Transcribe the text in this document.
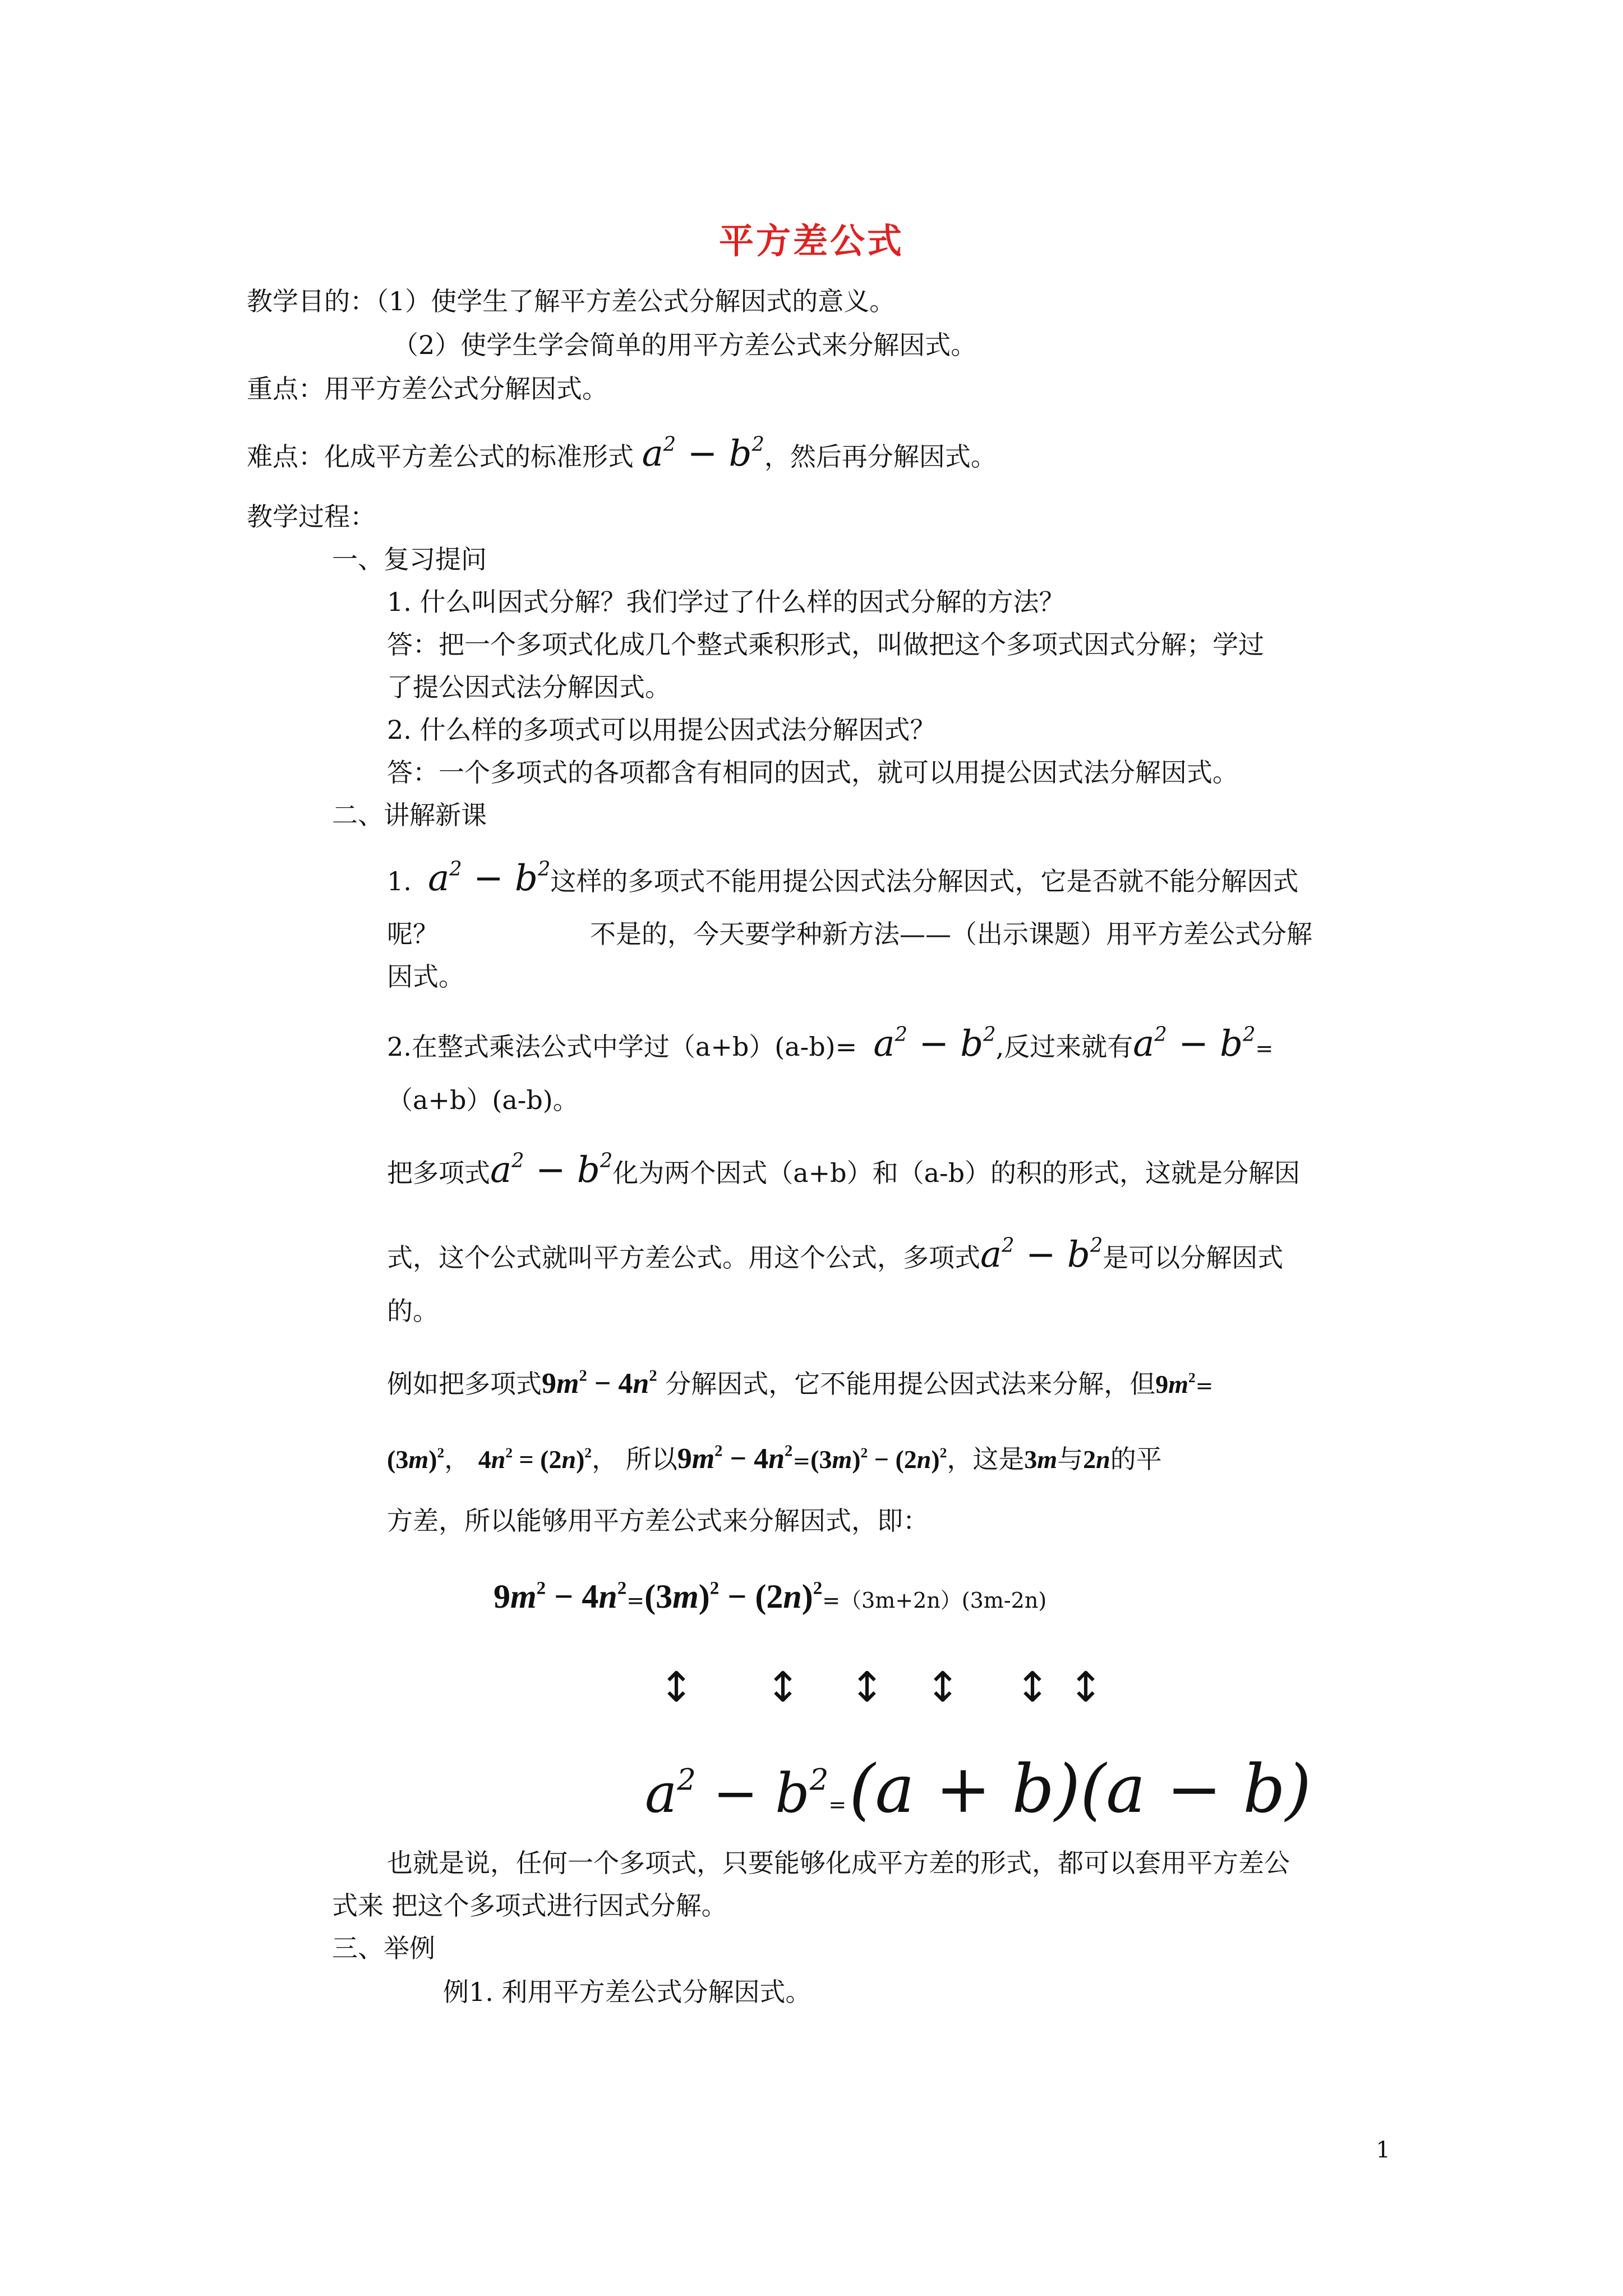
平方差公式
教学目的：（1）使学生了解平方差公式分解因式的意义。
（2）使学生学会简单的用平方差公式来分解因式。
重点：用平方差公式分解因式。
难点：化成平方差公式的标准形式 $a^2 - b^2$，然后再分解因式。
教学过程：
一、复习提问
1. 什么叫因式分解？我们学过了什么样的因式分解的方法？
答：把一个多项式化成几个整式乘积形式，叫做把这个多项式因式分解；学过
了提公因式法分解因式。
2. 什么样的多项式可以用提公因式法分解因式？
答：一个多项式的各项都含有相同的因式，就可以用提公因式法分解因式。
二、讲解新课
1. $a^2 - b^2$这样的多项式不能用提公因式法分解因式，它是否就不能分解因式
呢？	不是的，今天要学种新方法——（出示课题）用平方差公式分解
因式。
2.在整式乘法公式中学过$(a+b)(a-b)= a^2 - b^2$,反过来就有$a^2 - b^2=$
（a+b）(a-b)。
把多项式$a^2 - b^2$化为两个因式（a+b）和（a-b）的积的形式，这就是分解因
式，这个公式就叫平方差公式。用这个公式，多项式$a^2 - b^2$是可以分解因式
的。
例如把多项式$9m^2 - 4n^2$ 分解因式，它不能用提公因式法来分解，但$9m^2=$
$(3m)^2$， $4n^2 = (2n)^2$， 所以$9m^2 - 4n^2=(3m)^2 - (2n)^2$，这是3m与2n的平
方差，所以能够用平方差公式来分解因式，即：
$9m^2 - 4n^2=(3m)^2 - (2n)^2=(3m+2n)(3m-2n)$
↕ ↕ ↕ ↕ ↕ ↕
$a^2 - b^2= (a + b)(a - b)$
也就是说，任何一个多项式，只要能够化成平方差的形式，都可以套用平方差公
式来 把这个多项式进行因式分解。
三、举例
例1. 利用平方差公式分解因式。
1
